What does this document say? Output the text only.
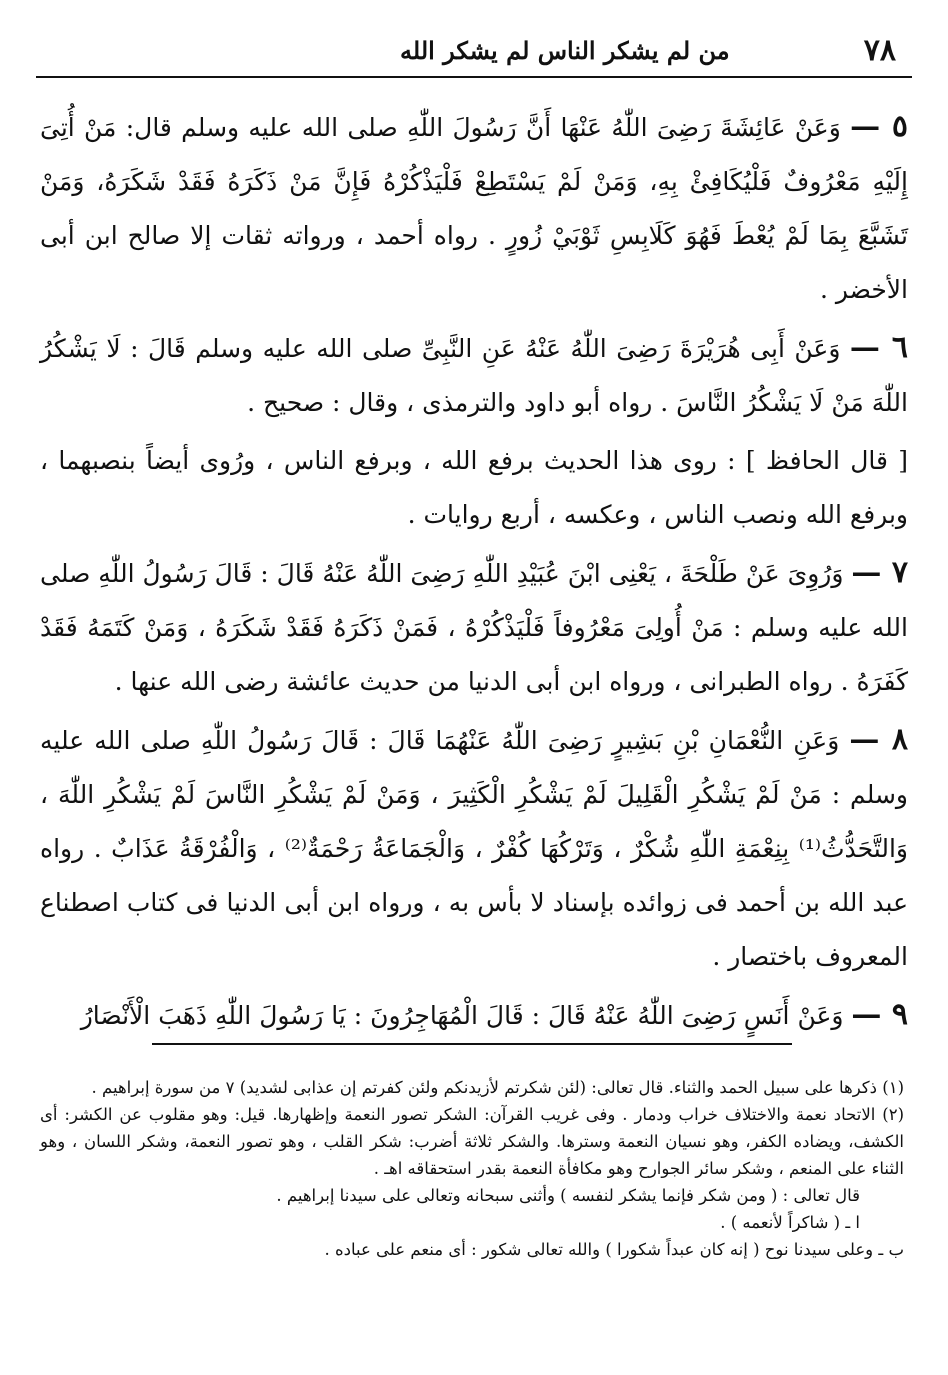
٧٨
من لم يشكر الناس لم يشكر الله

٥ — وَعَنْ عَائِشَةَ رَضِىَ اللّٰهُ عَنْهَا أَنَّ رَسُولَ اللّٰهِ صلى الله عليه وسلم قال: مَنْ أُتِىَ إِلَيْهِ مَعْرُوفٌ فَلْيُكَافِئْ بِهِ، وَمَنْ لَمْ يَسْتَطِعْ فَلْيَذْكُرْهُ فَإِنَّ مَنْ ذَكَرَهُ فَقَدْ شَكَرَهُ، وَمَنْ تَشَبَّعَ بِمَا لَمْ يُعْطَ فَهُوَ كَلَابِسِ ثَوْبَيْ زُورٍ . رواه أحمد ، ورواته ثقات إلا صالح ابن أبى الأخضر .

٦ — وَعَنْ أَبِى هُرَيْرَةَ رَضِىَ اللّٰهُ عَنْهُ عَنِ النَّبِىِّ صلى الله عليه وسلم قَالَ : لَا يَشْكُرُ اللّٰهَ مَنْ لَا يَشْكُرُ النَّاسَ . رواه أبو داود والترمذى ، وقال : صحيح .

[ قال الحافظ ] : روى هذا الحديث برفع الله ، وبرفع الناس ، ورُوى أيضاً بنصبهما ، وبرفع الله ونصب الناس ، وعكسه ، أربع روايات .

٧ — وَرُوِىَ عَنْ طَلْحَةَ ، يَعْنِى ابْنَ عُبَيْدِ اللّٰهِ رَضِىَ اللّٰهُ عَنْهُ قَالَ : قَالَ رَسُولُ اللّٰهِ صلى الله عليه وسلم : مَنْ أُولِىَ مَعْرُوفاً فَلْيَذْكُرْهُ ، فَمَنْ ذَكَرَهُ فَقَدْ شَكَرَهُ ، وَمَنْ كَتَمَهُ فَقَدْ كَفَرَهُ . رواه الطبرانى ، ورواه ابن أبى الدنيا من حديث عائشة رضى الله عنها .

٨ — وَعَنِ النُّعْمَانِ بْنِ بَشِيرٍ رَضِىَ اللّٰهُ عَنْهُمَا قَالَ : قَالَ رَسُولُ اللّٰهِ صلى الله عليه وسلم : مَنْ لَمْ يَشْكُرِ الْقَلِيلَ لَمْ يَشْكُرِ الْكَثِيرَ ، وَمَنْ لَمْ يَشْكُرِ النَّاسَ لَمْ يَشْكُرِ اللّٰهَ ، وَالتَّحَدُّثُ⁽¹⁾ بِنِعْمَةِ اللّٰهِ شُكْرٌ ، وَتَرْكُهَا كُفْرٌ ، وَالْجَمَاعَةُ رَحْمَةٌ⁽²⁾ ، وَالْفُرْقَةُ عَذَابٌ . رواه عبد الله بن أحمد فى زوائده بإسناد لا بأس به ، ورواه ابن أبى الدنيا فى كتاب اصطناع المعروف باختصار .

٩ — وَعَنْ أَنَسٍ رَضِىَ اللّٰهُ عَنْهُ قَالَ : قَالَ الْمُهَاجِرُونَ : يَا رَسُولَ اللّٰهِ ذَهَبَ الْأَنْصَارُ

(١) ذكرها على سبيل الحمد والثناء. قال تعالى: (لئن شكرتم لأزيدنكم ولئن كفرتم إن عذابى لشديد) ٧ من سورة إبراهيم .

(٢) الاتحاد نعمة والاختلاف خراب ودمار . وفى غريب القرآن: الشكر تصور النعمة وإظهارها. قيل: وهو مقلوب عن الكشر: أى الكشف، ويضاده الكفر، وهو نسيان النعمة وسترها. والشكر ثلاثة أضرب: شكر القلب ، وهو تصور النعمة، وشكر اللسان ، وهو الثناء على المنعم ، وشكر سائر الجوارح وهو مكافأة النعمة بقدر استحقاقه اهـ .

قال تعالى : ( ومن شكر فإنما يشكر لنفسه ) وأثنى سبحانه وتعالى على سيدنا إبراهيم .

ا ـ ( شاكراً لأنعمه ) .

ب ـ وعلى سيدنا نوح ( إنه كان عبداً شكورا ) والله تعالى شكور : أى منعم على عباده .
